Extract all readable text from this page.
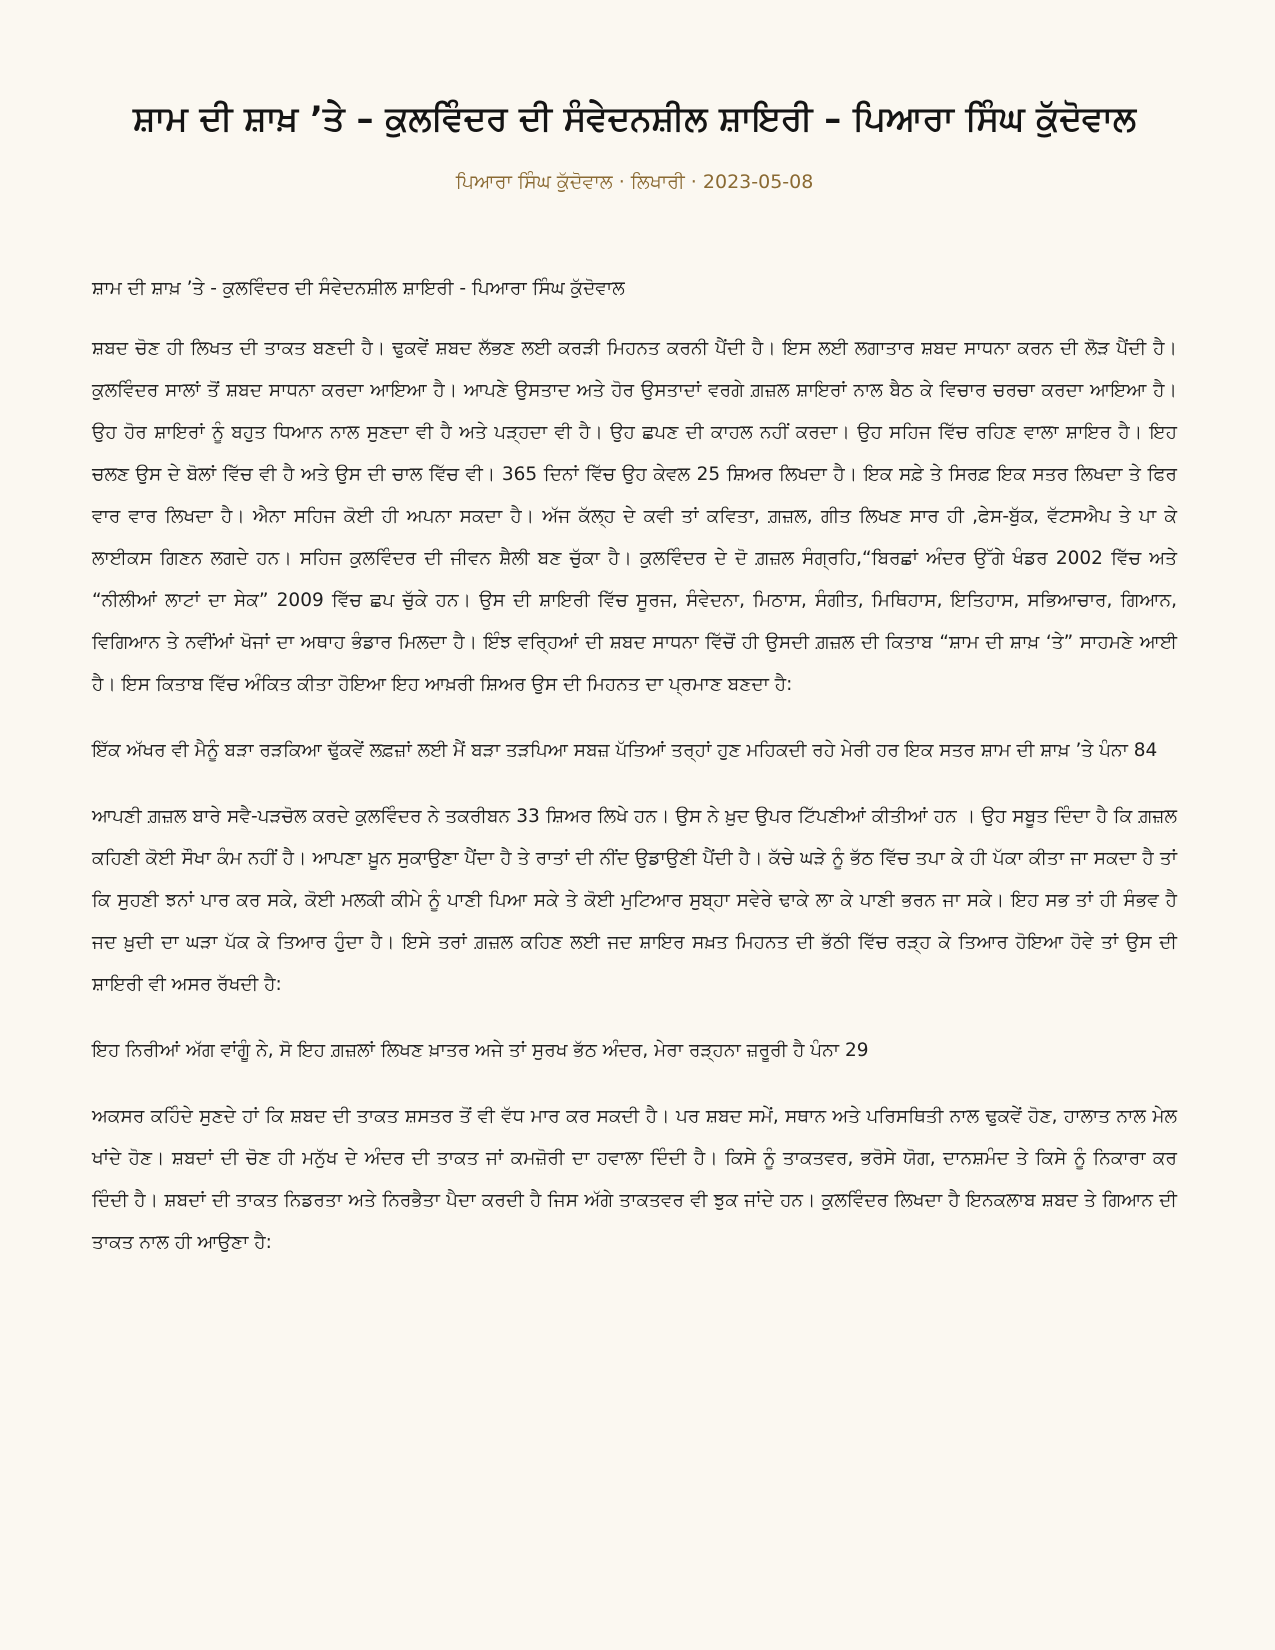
ਸ਼ਾਮ ਦੀ ਸ਼ਾਖ਼ ’ਤੇ – ਕੁਲਵਿੰਦਰ ਦੀ ਸੰਵੇਦਨਸ਼ੀਲ ਸ਼ਾਇਰੀ – ਪਿਆਰਾ ਸਿੰਘ ਕੁੱਦੋਵਾਲ
ਪਿਆਰਾ ਸਿੰਘ ਕੁੱਦੋਵਾਲ · ਲਿਖਾਰੀ · 2023-05-08

ਸ਼ਾਮ ਦੀ ਸ਼ਾਖ਼ ’ਤੇ - ਕੁਲਵਿੰਦਰ ਦੀ ਸੰਵੇਦਨਸ਼ੀਲ ਸ਼ਾਇਰੀ - ਪਿਆਰਾ ਸਿੰਘ ਕੁੱਦੋਵਾਲ

ਸ਼ਬਦ ਚੋਣ ਹੀ ਲਿਖਤ ਦੀ ਤਾਕਤ ਬਣਦੀ ਹੈ। ਢੁਕਵੇਂ ਸ਼ਬਦ ਲੱਭਣ ਲਈ ਕਰੜੀ ਮਿਹਨਤ ਕਰਨੀ ਪੈਂਦੀ ਹੈ। ਇਸ ਲਈ ਲਗਾਤਾਰ ਸ਼ਬਦ ਸਾਧਨਾ ਕਰਨ ਦੀ ਲੋੜ ਪੈਂਦੀ ਹੈ। ਕੁਲਵਿੰਦਰ ਸਾਲਾਂ ਤੋਂ ਸ਼ਬਦ ਸਾਧਨਾ ਕਰਦਾ ਆਇਆ ਹੈ। ਆਪਣੇ ਉਸਤਾਦ ਅਤੇ ਹੋਰ ਉਸਤਾਦਾਂ ਵਰਗੇ ਗ਼ਜ਼ਲ ਸ਼ਾਇਰਾਂ ਨਾਲ ਬੈਠ ਕੇ ਵਿਚਾਰ ਚਰਚਾ ਕਰਦਾ ਆਇਆ ਹੈ। ਉਹ ਹੋਰ ਸ਼ਾਇਰਾਂ ਨੂੰ ਬਹੁਤ ਧਿਆਨ ਨਾਲ ਸੁਣਦਾ ਵੀ ਹੈ ਅਤੇ ਪੜ੍ਹਦਾ ਵੀ ਹੈ। ਉਹ ਛਪਣ ਦੀ ਕਾਹਲ ਨਹੀਂ ਕਰਦਾ। ਉਹ ਸਹਿਜ ਵਿੱਚ ਰਹਿਣ ਵਾਲਾ ਸ਼ਾਇਰ ਹੈ। ਇਹ ਚਲਣ ਉਸ ਦੇ ਬੋਲਾਂ ਵਿੱਚ ਵੀ ਹੈ ਅਤੇ ਉਸ ਦੀ ਚਾਲ ਵਿੱਚ ਵੀ। 365 ਦਿਨਾਂ ਵਿੱਚ ਉਹ ਕੇਵਲ 25 ਸ਼ਿਅਰ ਲਿਖਦਾ ਹੈ। ਇਕ ਸਫ਼ੇ ਤੇ ਸਿਰਫ਼ ਇਕ ਸਤਰ ਲਿਖਦਾ ਤੇ ਫਿਰ ਵਾਰ ਵਾਰ ਲਿਖਦਾ ਹੈ। ਐਨਾ ਸਹਿਜ ਕੋਈ ਹੀ ਅਪਨਾ ਸਕਦਾ ਹੈ। ਅੱਜ ਕੱਲ੍ਹ ਦੇ ਕਵੀ ਤਾਂ ਕਵਿਤਾ, ਗ਼ਜ਼ਲ, ਗੀਤ ਲਿਖਣ ਸਾਰ ਹੀ ,ਫੇਸ-ਬੁੱਕ, ਵੱਟਸਐਪ ਤੇ ਪਾ ਕੇ ਲਾਈਕਸ ਗਿਣਨ ਲਗਦੇ ਹਨ। ਸਹਿਜ ਕੁਲਵਿੰਦਰ ਦੀ ਜੀਵਨ ਸ਼ੈਲੀ ਬਣ ਚੁੱਕਾ ਹੈ। ਕੁਲਵਿੰਦਰ ਦੇ ਦੋ ਗ਼ਜ਼ਲ ਸੰਗ੍ਰਹਿ,“ਬਿਰਛਾਂ ਅੰਦਰ ਉੱਗੇ ਖੰਡਰ 2002 ਵਿੱਚ ਅਤੇ “ਨੀਲੀਆਂ ਲਾਟਾਂ ਦਾ ਸੇਕ” 2009 ਵਿੱਚ ਛਪ ਚੁੱਕੇ ਹਨ। ਉਸ ਦੀ ਸ਼ਾਇਰੀ ਵਿੱਚ ਸੂਰਜ, ਸੰਵੇਦਨਾ, ਮਿਠਾਸ, ਸੰਗੀਤ, ਮਿਥਿਹਾਸ, ਇਤਿਹਾਸ, ਸਭਿਆਚਾਰ, ਗਿਆਨ, ਵਿਗਿਆਨ ਤੇ ਨਵੀਂਆਂ ਖੋਜਾਂ ਦਾ ਅਥਾਹ ਭੰਡਾਰ ਮਿਲਦਾ ਹੈ। ਇੰਝ ਵਰ੍ਹਿਆਂ ਦੀ ਸ਼ਬਦ ਸਾਧਨਾ ਵਿੱਚੋਂ ਹੀ ਉਸਦੀ ਗ਼ਜ਼ਲ ਦੀ ਕਿਤਾਬ “ਸ਼ਾਮ ਦੀ ਸ਼ਾਖ਼ ‘ਤੇ” ਸਾਹਮਣੇ ਆਈ ਹੈ। ਇਸ ਕਿਤਾਬ ਵਿੱਚ ਅੰਕਿਤ ਕੀਤਾ ਹੋਇਆ ਇਹ ਆਖ਼ਰੀ ਸ਼ਿਅਰ ਉਸ ਦੀ ਮਿਹਨਤ ਦਾ ਪ੍ਰਮਾਣ ਬਣਦਾ ਹੈ:

ਇੱਕ ਅੱਖਰ ਵੀ ਮੈਨੂੰ ਬੜਾ ਰੜਕਿਆ ਢੁੱਕਵੇਂ ਲਫ਼ਜ਼ਾਂ ਲਈ ਮੈਂ ਬੜਾ ਤੜਪਿਆ ਸਬਜ਼ ਪੱਤਿਆਂ ਤਰ੍ਹਾਂ ਹੁਣ ਮਹਿਕਦੀ ਰਹੇ ਮੇਰੀ ਹਰ ਇਕ ਸਤਰ ਸ਼ਾਮ ਦੀ ਸ਼ਾਖ਼ ’ਤੇ ਪੰਨਾ 84

ਆਪਣੀ ਗ਼ਜ਼ਲ ਬਾਰੇ ਸਵੈ-ਪੜਚੋਲ ਕਰਦੇ ਕੁਲਵਿੰਦਰ ਨੇ ਤਕਰੀਬਨ 33 ਸ਼ਿਅਰ ਲਿਖੇ ਹਨ। ਉਸ ਨੇ ਖ਼ੁਦ ਉਪਰ ਟਿੱਪਣੀਆਂ ਕੀਤੀਆਂ ਹਨ । ਉਹ ਸਬੂਤ ਦਿੰਦਾ ਹੈ ਕਿ ਗ਼ਜ਼ਲ ਕਹਿਣੀ ਕੋਈ ਸੌਖਾ ਕੰਮ ਨਹੀਂ ਹੈ। ਆਪਣਾ ਖ਼ੂਨ ਸੁਕਾਉਣਾ ਪੈਂਦਾ ਹੈ ਤੇ ਰਾਤਾਂ ਦੀ ਨੀਂਦ ਉਡਾਉਣੀ ਪੈਂਦੀ ਹੈ। ਕੱਚੇ ਘੜੇ ਨੂੰ ਭੱਠ ਵਿੱਚ ਤਪਾ ਕੇ ਹੀ ਪੱਕਾ ਕੀਤਾ ਜਾ ਸਕਦਾ ਹੈ ਤਾਂ ਕਿ ਸੁਹਣੀ ਝਨਾਂ ਪਾਰ ਕਰ ਸਕੇ, ਕੋਈ ਮਲਕੀ ਕੀਮੇ ਨੂੰ ਪਾਣੀ ਪਿਆ ਸਕੇ ਤੇ ਕੋਈ ਮੁਟਿਆਰ ਸੁਬ੍ਹਾ ਸਵੇਰੇ ਢਾਕੇ ਲਾ ਕੇ ਪਾਣੀ ਭਰਨ ਜਾ ਸਕੇ। ਇਹ ਸਭ ਤਾਂ ਹੀ ਸੰਭਵ ਹੈ ਜਦ ਖ਼ੁਦੀ ਦਾ ਘੜਾ ਪੱਕ ਕੇ ਤਿਆਰ ਹੁੰਦਾ ਹੈ। ਇਸੇ ਤਰਾਂ ਗ਼ਜ਼ਲ ਕਹਿਣ ਲਈ ਜਦ ਸ਼ਾਇਰ ਸਖ਼ਤ ਮਿਹਨਤ ਦੀ ਭੱਠੀ ਵਿੱਚ ਰੜ੍ਹ ਕੇ ਤਿਆਰ ਹੋਇਆ ਹੋਵੇ ਤਾਂ ਉਸ ਦੀ ਸ਼ਾਇਰੀ ਵੀ ਅਸਰ ਰੱਖਦੀ ਹੈ:

ਇਹ ਨਿਰੀਆਂ ਅੱਗ ਵਾਂਗੂੰ ਨੇ, ਸੋ ਇਹ ਗ਼ਜ਼ਲਾਂ ਲਿਖਣ ਖ਼ਾਤਰ ਅਜੇ ਤਾਂ ਸੁਰਖ ਭੱਠ ਅੰਦਰ, ਮੇਰਾ ਰੜ੍ਹਨਾ ਜ਼ਰੂਰੀ ਹੈ ਪੰਨਾ 29

ਅਕਸਰ ਕਹਿੰਦੇ ਸੁਣਦੇ ਹਾਂ ਕਿ ਸ਼ਬਦ ਦੀ ਤਾਕਤ ਸ਼ਸਤਰ ਤੋਂ ਵੀ ਵੱਧ ਮਾਰ ਕਰ ਸਕਦੀ ਹੈ। ਪਰ ਸ਼ਬਦ ਸਮੇਂ, ਸਥਾਨ ਅਤੇ ਪਰਿਸਥਿਤੀ ਨਾਲ ਢੁਕਵੇਂ ਹੋਣ, ਹਾਲਾਤ ਨਾਲ ਮੇਲ ਖਾਂਦੇ ਹੋਣ। ਸ਼ਬਦਾਂ ਦੀ ਚੋਣ ਹੀ ਮਨੁੱਖ ਦੇ ਅੰਦਰ ਦੀ ਤਾਕਤ ਜਾਂ ਕਮਜ਼ੋਰੀ ਦਾ ਹਵਾਲਾ ਦਿੰਦੀ ਹੈ। ਕਿਸੇ ਨੂੰ ਤਾਕਤਵਰ, ਭਰੋਸੇ ਯੋਗ, ਦਾਨਸ਼ਮੰਦ ਤੇ ਕਿਸੇ ਨੂੰ ਨਿਕਾਰਾ ਕਰ ਦਿੰਦੀ ਹੈ। ਸ਼ਬਦਾਂ ਦੀ ਤਾਕਤ ਨਿਡਰਤਾ ਅਤੇ ਨਿਰਭੈਤਾ ਪੈਦਾ ਕਰਦੀ ਹੈ ਜਿਸ ਅੱਗੇ ਤਾਕਤਵਰ ਵੀ ਝੁਕ ਜਾਂਦੇ ਹਨ। ਕੁਲਵਿੰਦਰ ਲਿਖਦਾ ਹੈ ਇਨਕਲਾਬ ਸ਼ਬਦ ਤੇ ਗਿਆਨ ਦੀ ਤਾਕਤ ਨਾਲ ਹੀ ਆਉਣਾ ਹੈ:
